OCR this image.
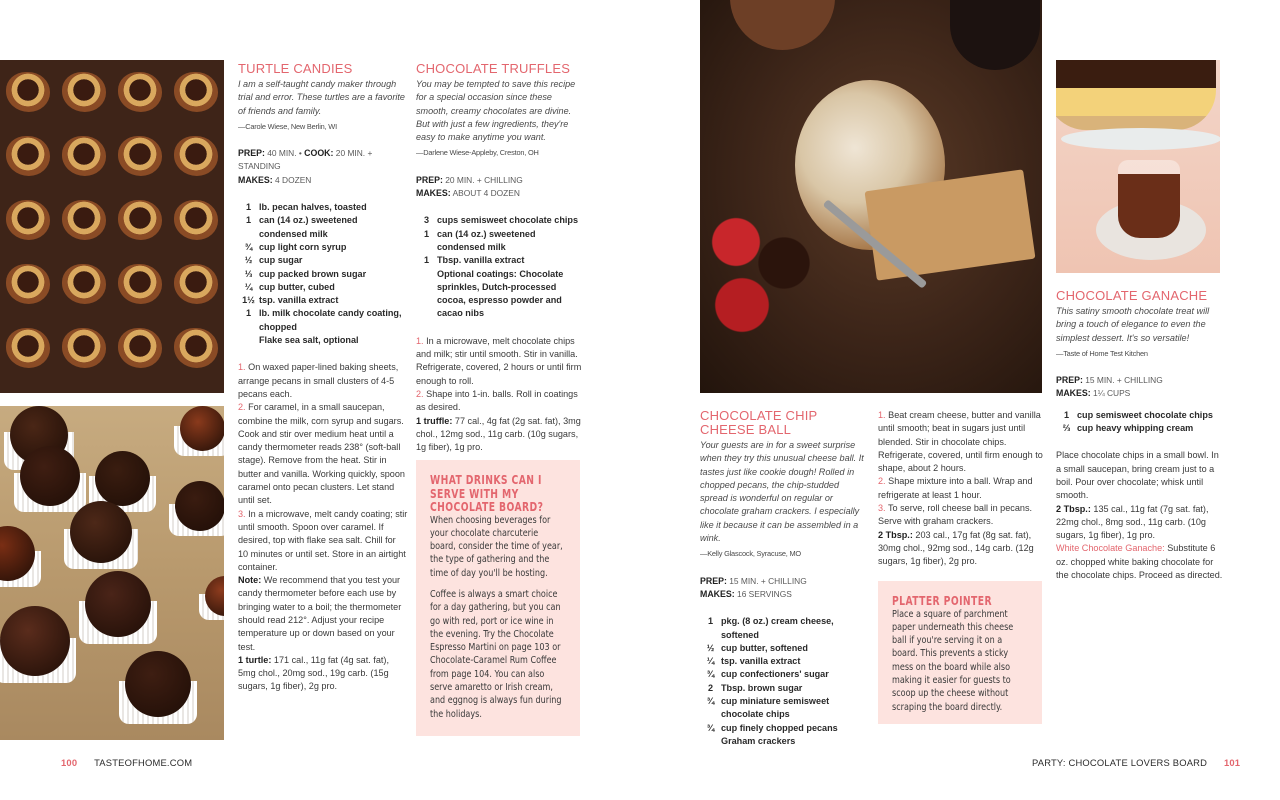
TURTLE CANDIES

I am a self-taught candy maker through trial and error. These turtles are a favorite of friends and family.

—Carole Wiese, New Berlin, WI

PREP: 40 MIN. • COOK: 20 MIN. + STANDING
MAKES: 4 DOZEN
1 lb. pecan halves, toasted
1 can (14 oz.) sweetened condensed milk
¾ cup light corn syrup
½ cup sugar
⅓ cup packed brown sugar
¼ cup butter, cubed
1½ tsp. vanilla extract
1 lb. milk chocolate candy coating, chopped
Flake sea salt, optional
1. On waxed paper-lined baking sheets, arrange pecans in small clusters of 4-5 pecans each.
2. For caramel, in a small saucepan, combine the milk, corn syrup and sugars. Cook and stir over medium heat until a candy thermometer reads 238° (soft-ball stage). Remove from the heat. Stir in butter and vanilla. Working quickly, spoon caramel onto pecan clusters. Let stand until set.
3. In a microwave, melt candy coating; stir until smooth. Spoon over caramel. If desired, top with flake sea salt. Chill for 10 minutes or until set. Store in an airtight container.
Note: We recommend that you test your candy thermometer before each use by bringing water to a boil; the thermometer should read 212°. Adjust your recipe temperature up or down based on your test.
1 turtle: 171 cal., 11g fat (4g sat. fat), 5mg chol., 20mg sod., 19g carb. (15g sugars, 1g fiber), 2g pro.
CHOCOLATE TRUFFLES

You may be tempted to save this recipe for a special occasion since these smooth, creamy chocolates are divine. But with just a few ingredients, they're easy to make anytime you want.

—Darlene Wiese-Appleby, Creston, OH

PREP: 20 MIN. + CHILLING
MAKES: ABOUT 4 DOZEN
3 cups semisweet chocolate chips
1 can (14 oz.) sweetened condensed milk
1 Tbsp. vanilla extract
Optional coatings: Chocolate sprinkles, Dutch-processed cocoa, espresso powder and cacao nibs
1. In a microwave, melt chocolate chips and milk; stir until smooth. Stir in vanilla. Refrigerate, covered, 2 hours or until firm enough to roll.
2. Shape into 1-in. balls. Roll in coatings as desired.
1 truffle: 77 cal., 4g fat (2g sat. fat), 3mg chol., 12mg sod., 11g carb. (10g sugars, 1g fiber), 1g pro.
WHAT DRINKS CAN I SERVE WITH MY CHOCOLATE BOARD?

When choosing beverages for your chocolate charcuterie board, consider the time of year, the type of gathering and the time of day you'll be hosting.

Coffee is always a smart choice for a day gathering, but you can go with red, port or ice wine in the evening. Try the Chocolate Espresso Martini on page 103 or Chocolate-Caramel Rum Coffee from page 104. You can also serve amaretto or Irish cream, and eggnog is always fun during the holidays.

100 TASTEOFHOME.COM
CHOCOLATE CHIP
CHEESE BALL

Your guests are in for a sweet surprise when they try this unusual cheese ball. It tastes just like cookie dough! Rolled in chopped pecans, the chip-studded spread is wonderful on regular or chocolate graham crackers. I especially like it because it can be assembled in a wink.

—Kelly Glascock, Syracuse, MO

PREP: 15 MIN. + CHILLING
MAKES: 16 SERVINGS
1 pkg. (8 oz.) cream cheese, softened
½ cup butter, softened
¼ tsp. vanilla extract
¾ cup confectioners' sugar
2 Tbsp. brown sugar
¾ cup miniature semisweet chocolate chips
¾ cup finely chopped pecans
Graham crackers
1. Beat cream cheese, butter and vanilla until smooth; beat in sugars just until blended. Stir in chocolate chips. Refrigerate, covered, until firm enough to shape, about 2 hours.
2. Shape mixture into a ball. Wrap and refrigerate at least 1 hour.
3. To serve, roll cheese ball in pecans. Serve with graham crackers.
2 Tbsp.: 203 cal., 17g fat (8g sat. fat), 30mg chol., 92mg sod., 14g carb. (12g sugars, 1g fiber), 2g pro.
PLATTER POINTER

Place a square of parchment paper underneath this cheese ball if you're serving it on a board. This prevents a sticky mess on the board while also making it easier for guests to scoop up the cheese without scraping the board directly.

CHOCOLATE GANACHE

This satiny smooth chocolate treat will bring a touch of elegance to even the simplest dessert. It's so versatile!

—Taste of Home Test Kitchen

PREP: 15 MIN. + CHILLING
MAKES: 1¼ CUPS
1 cup semisweet chocolate chips
⅔ cup heavy whipping cream
Place chocolate chips in a small bowl. In a small saucepan, bring cream just to a boil. Pour over chocolate; whisk until smooth.
2 Tbsp.: 135 cal., 11g fat (7g sat. fat), 22mg chol., 8mg sod., 11g carb. (10g sugars, 1g fiber), 1g pro.
White Chocolate Ganache: Substitute 6 oz. chopped white baking chocolate for the chocolate chips. Proceed as directed.
PARTY: CHOCOLATE LOVERS BOARD 101
